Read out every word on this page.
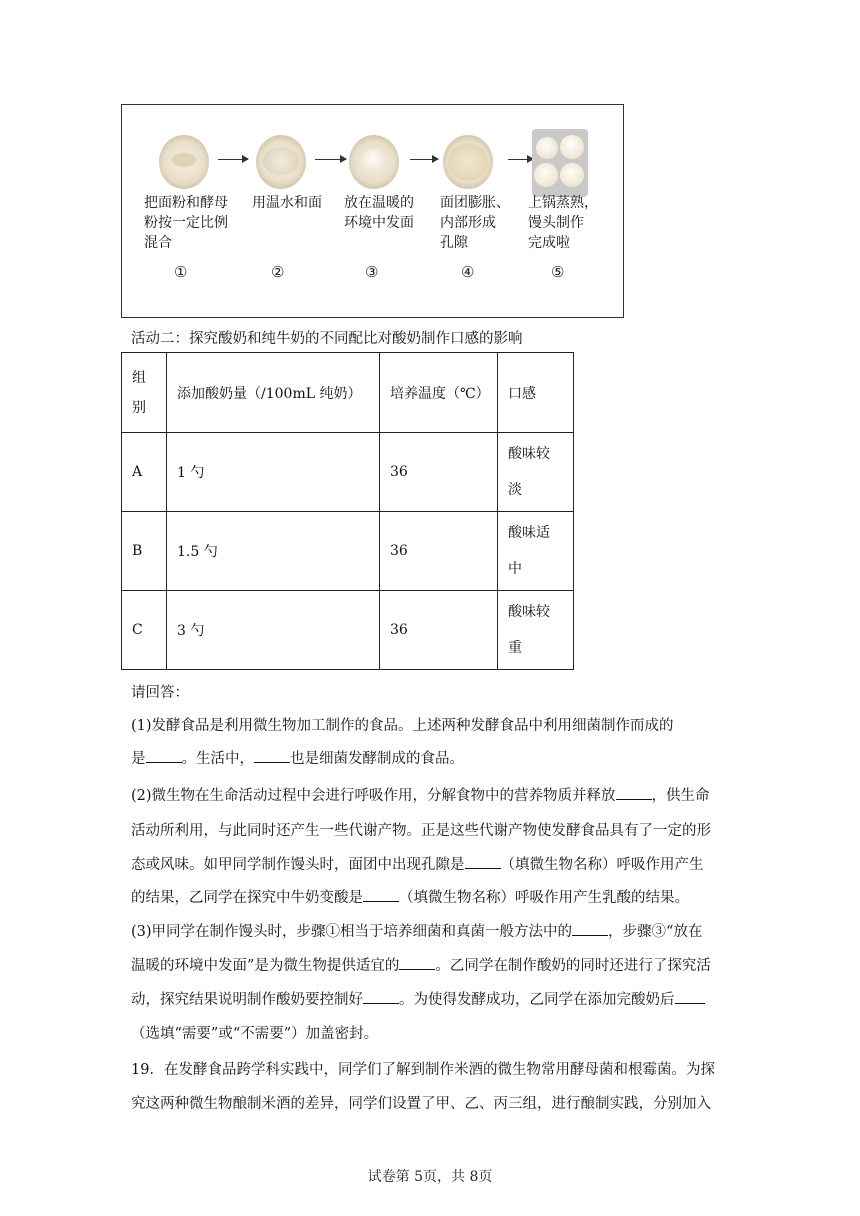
把面粉和酵母
粉按一定比例
混合
用温水和面 放在温暖的
环境中发面
面团膨胀、
内部形成
孔隙
上锅蒸熟，
馒头制作
完成啦
①	②	③	④	⑤
活动二：探究酸奶和纯牛奶的不同配比对酸奶制作口感的影响
组
别	添加酸奶量（/100mL 纯奶）	培养温度（℃）	口感
A	1 勺	36	酸味较
淡
B	1.5 勺	36	酸味适
中
C	3 勺	36	酸味较
重
请回答：
(1)发酵食品是利用微生物加工制作的食品。上述两种发酵食品中利用细菌制作而成的
是 。生活中， 也是细菌发酵制成的食品。
(2)微生物在生命活动过程中会进行呼吸作用，分解食物中的营养物质并释放 ，供生命
活动所利用，与此同时还产生一些代谢产物。正是这些代谢产物使发酵食品具有了一定的形
态或风味。如甲同学制作馒头时，面团中出现孔隙是 （填微生物名称）呼吸作用产生
的结果，乙同学在探究中牛奶变酸是 （填微生物名称）呼吸作用产生乳酸的结果。
(3)甲同学在制作馒头时，步骤①相当于培养细菌和真菌一般方法中的 ，步骤③“放在
温暖的环境中发面”是为微生物提供适宜的 。乙同学在制作酸奶的同时还进行了探究活
动，探究结果说明制作酸奶要控制好 。为使得发酵成功，乙同学在添加完酸奶后
（选填“需要”或“不需要”）加盖密封。
19．在发酵食品跨学科实践中，同学们了解到制作米酒的微生物常用酵母菌和根霉菌。为探
究这两种微生物酿制米酒的差异，同学们设置了甲、乙、丙三组，进行酿制实践，分别加入
试卷第 5页，共 8页
